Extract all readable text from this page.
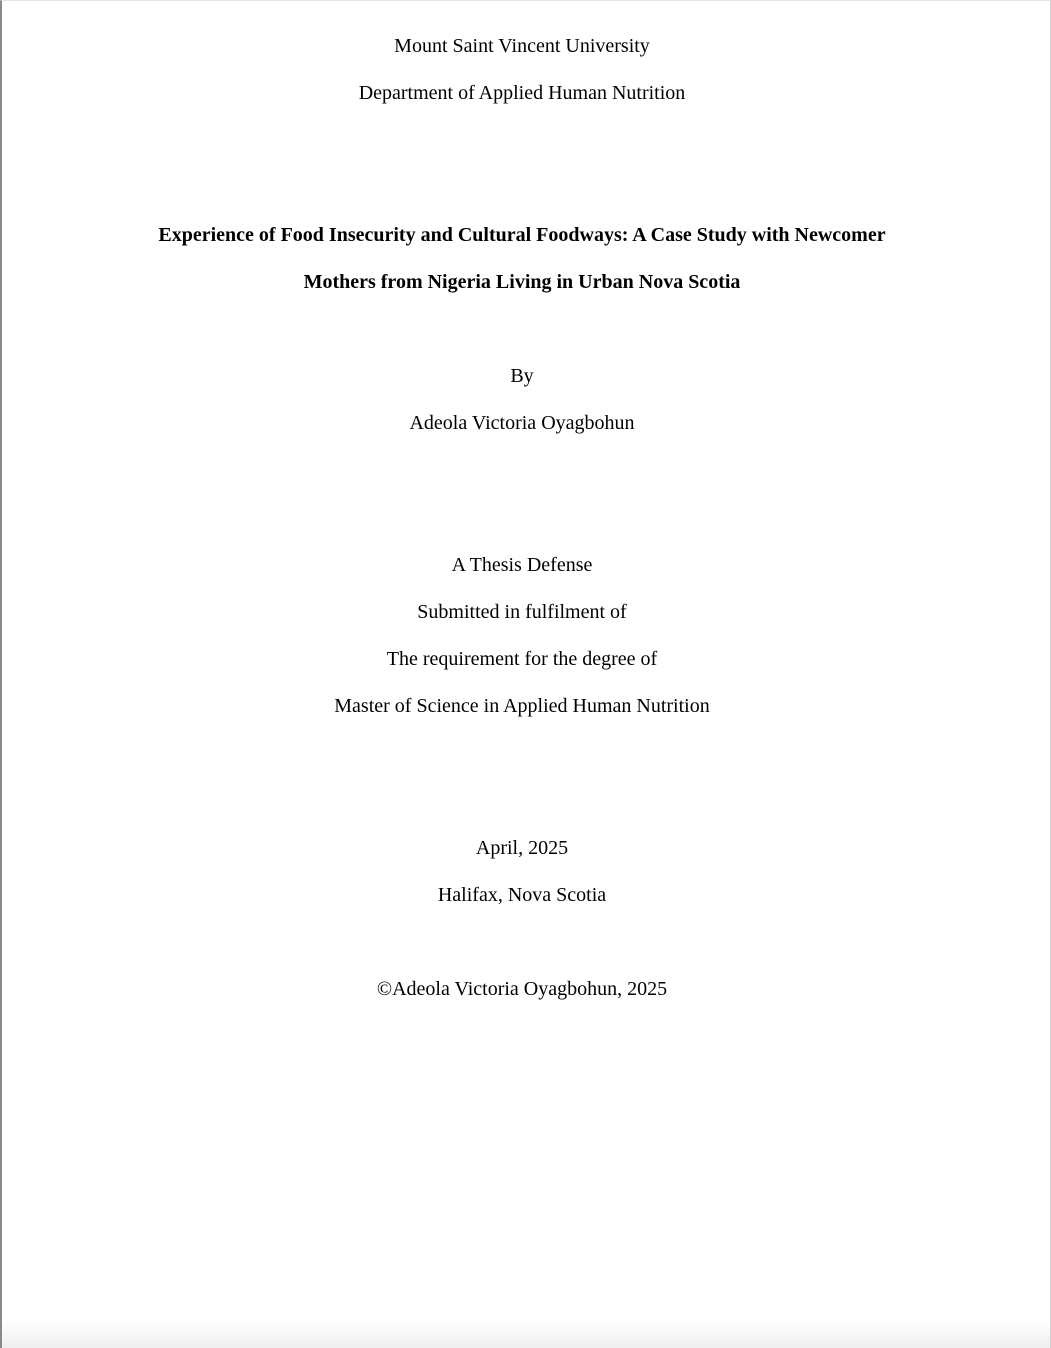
Mount Saint Vincent University
Department of Applied Human Nutrition
Experience of Food Insecurity and Cultural Foodways: A Case Study with Newcomer
Mothers from Nigeria Living in Urban Nova Scotia
By
Adeola Victoria Oyagbohun
A Thesis Defense
Submitted in fulfilment of
The requirement for the degree of
Master of Science in Applied Human Nutrition
April, 2025
Halifax, Nova Scotia
©Adeola Victoria Oyagbohun, 2025
